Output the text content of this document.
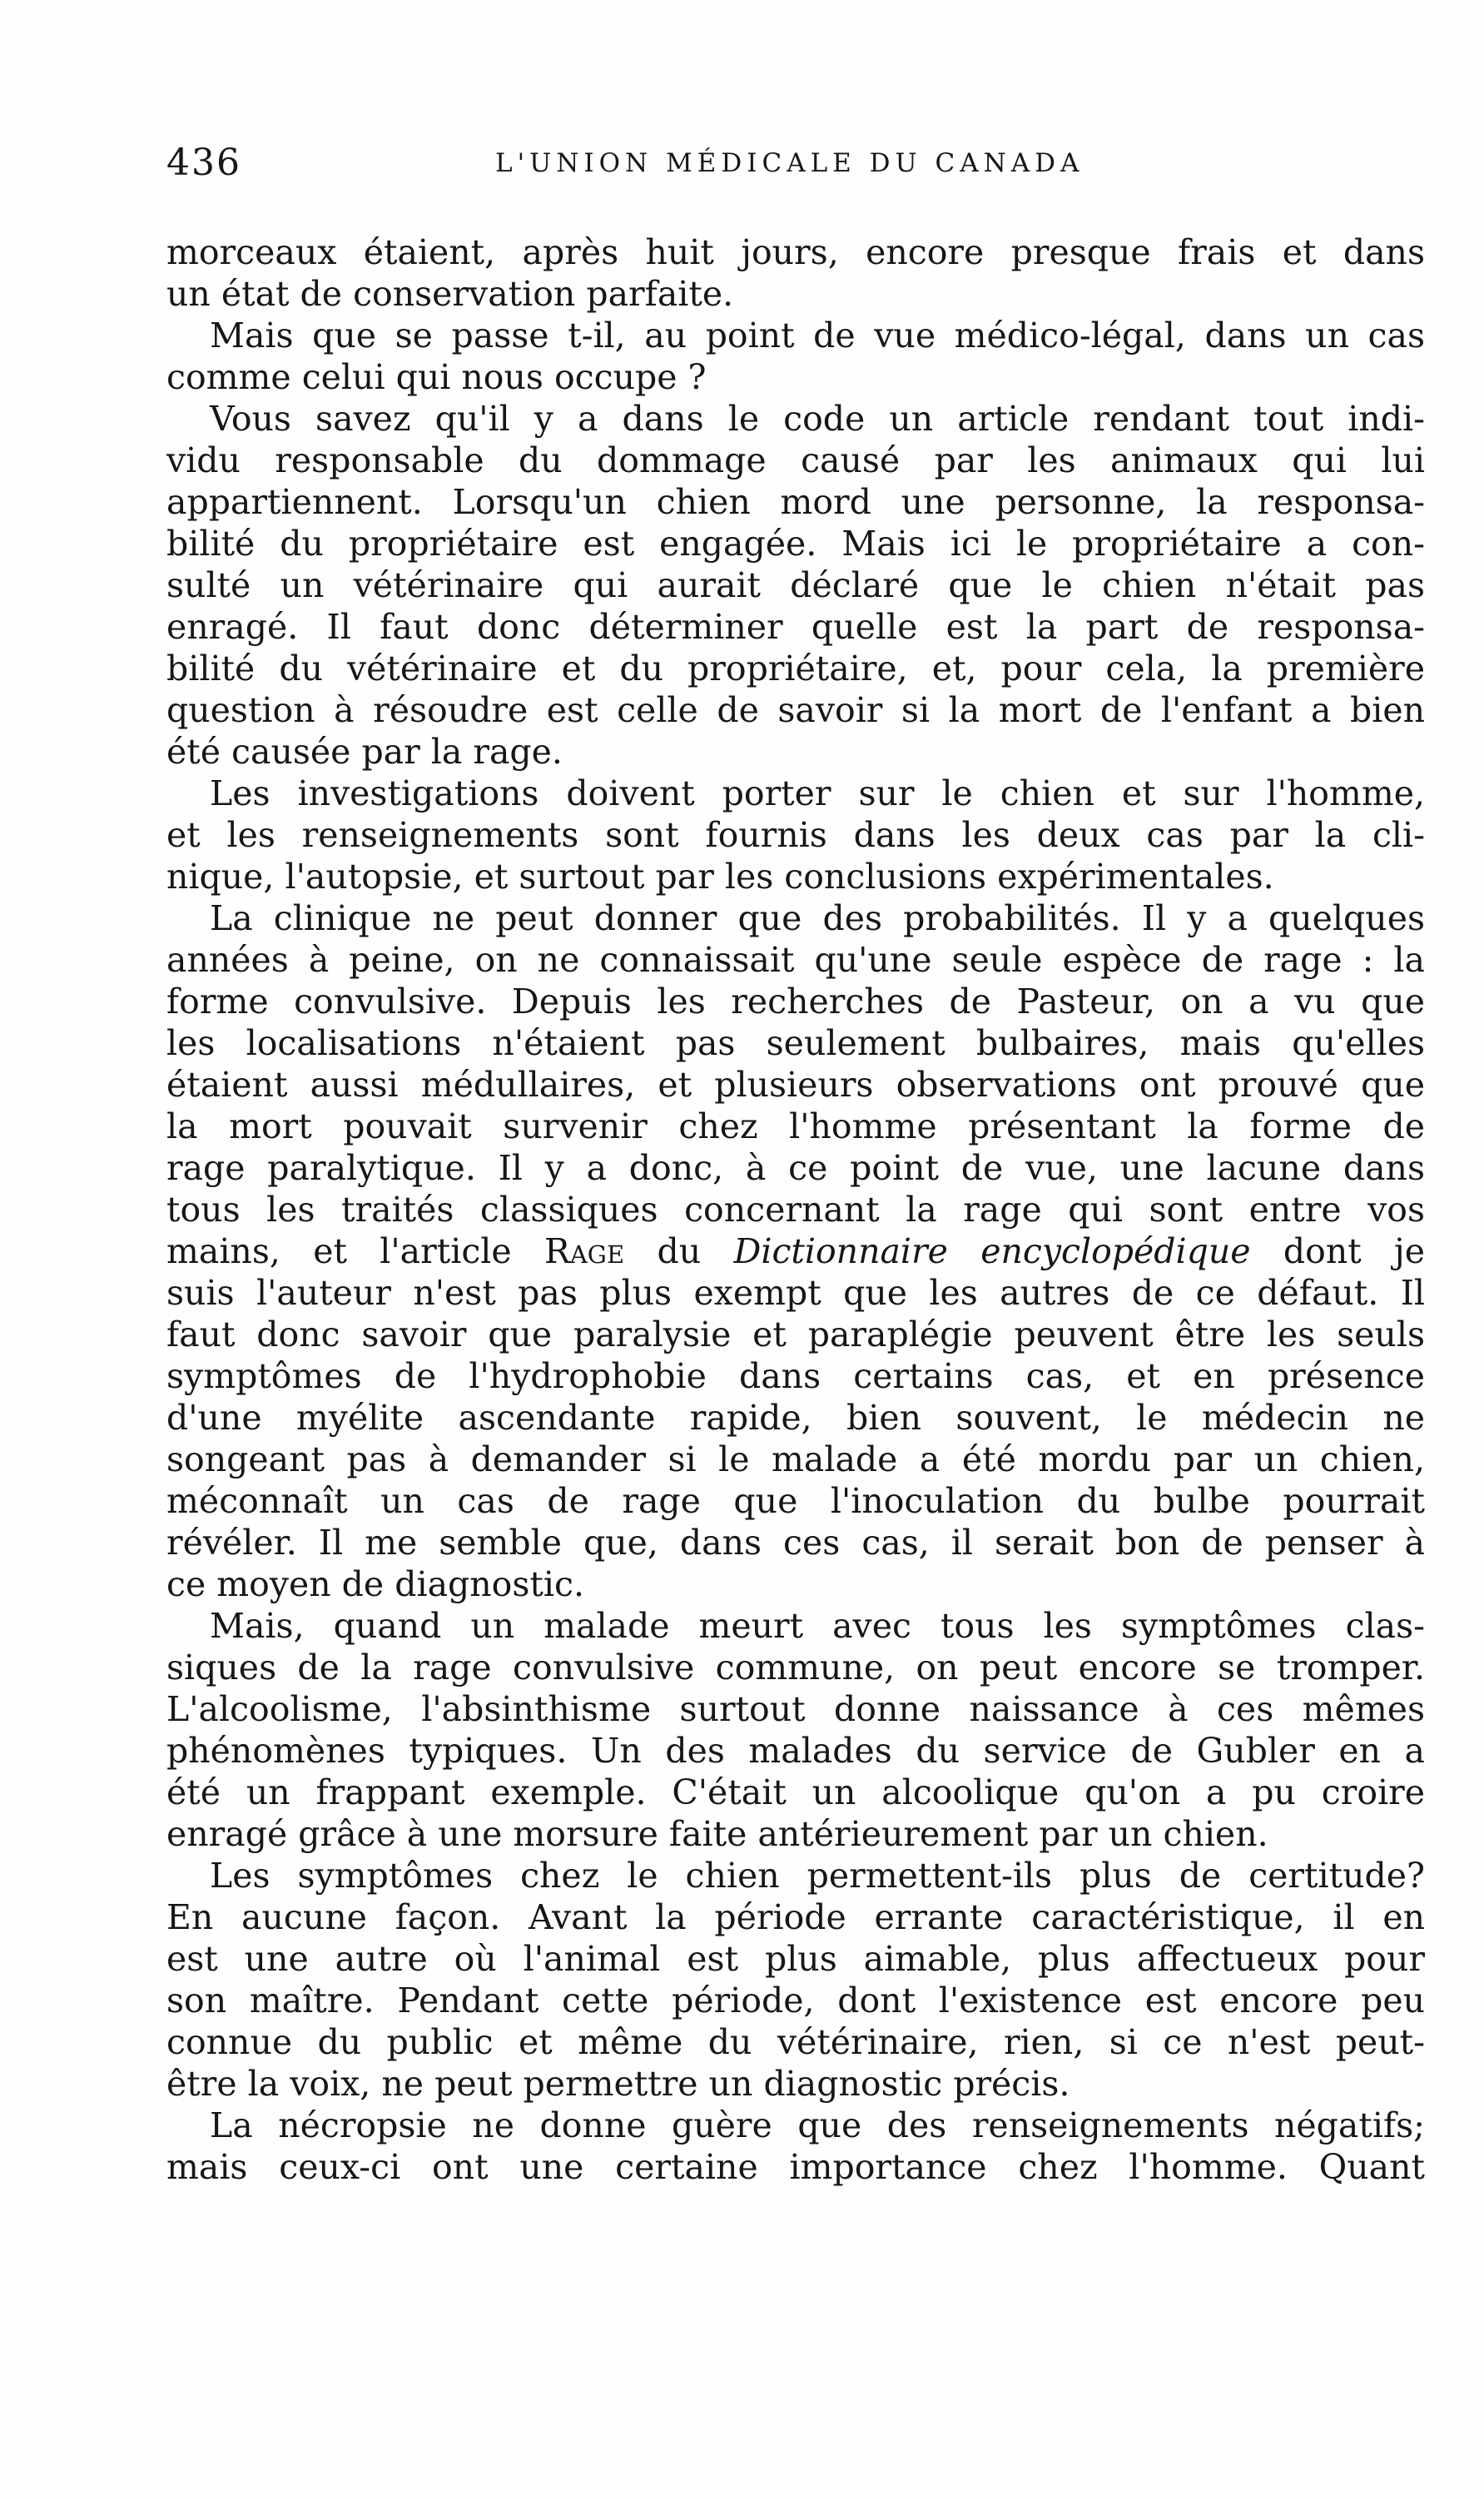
436	L'UNION MÉDICALE DU CANADA
morceaux étaient, après huit jours, encore presque frais et dans
un état de conservation parfaite.
Mais que se passe t-il, au point de vue médico-légal, dans un cas
comme celui qui nous occupe ?
Vous savez qu'il y a dans le code un article rendant tout indi-
vidu responsable du dommage causé par les animaux qui lui
appartiennent. Lorsqu'un chien mord une personne, la responsa-
bilité du propriétaire est engagée. Mais ici le propriétaire a con-
sulté un vétérinaire qui aurait déclaré que le chien n'était pas
enragé. Il faut donc déterminer quelle est la part de responsa-
bilité du vétérinaire et du propriétaire, et, pour cela, la première
question à résoudre est celle de savoir si la mort de l'enfant a bien
été causée par la rage.
Les investigations doivent porter sur le chien et sur l'homme,
et les renseignements sont fournis dans les deux cas par la cli-
nique, l'autopsie, et surtout par les conclusions expérimentales.
La clinique ne peut donner que des probabilités. Il y a quelques
années à peine, on ne connaissait qu'une seule espèce de rage : la
forme convulsive. Depuis les recherches de Pasteur, on a vu que
les localisations n'étaient pas seulement bulbaires, mais qu'elles
étaient aussi médullaires, et plusieurs observations ont prouvé que
la mort pouvait survenir chez l'homme présentant la forme de
rage paralytique. Il y a donc, à ce point de vue, une lacune dans
tous les traités classiques concernant la rage qui sont entre vos
mains, et l'article Rage du Dictionnaire encyclopédique dont je
suis l'auteur n'est pas plus exempt que les autres de ce défaut. Il
faut donc savoir que paralysie et paraplégie peuvent être les seuls
symptômes de l'hydrophobie dans certains cas, et en présence
d'une myélite ascendante rapide, bien souvent, le médecin ne
songeant pas à demander si le malade a été mordu par un chien,
méconnaît un cas de rage que l'inoculation du bulbe pourrait
révéler. Il me semble que, dans ces cas, il serait bon de penser à
ce moyen de diagnostic.
Mais, quand un malade meurt avec tous les symptômes clas-
siques de la rage convulsive commune, on peut encore se tromper.
L'alcoolisme, l'absinthisme surtout donne naissance à ces mêmes
phénomènes typiques. Un des malades du service de Gubler en a
été un frappant exemple. C'était un alcoolique qu'on a pu croire
enragé grâce à une morsure faite antérieurement par un chien.
Les symptômes chez le chien permettent-ils plus de certitude?
En aucune façon. Avant la période errante caractéristique, il en
est une autre où l'animal est plus aimable, plus affectueux pour
son maître. Pendant cette période, dont l'existence est encore peu
connue du public et même du vétérinaire, rien, si ce n'est peut-
être la voix, ne peut permettre un diagnostic précis.
La nécropsie ne donne guère que des renseignements négatifs;
mais ceux-ci ont une certaine importance chez l'homme. Quant
